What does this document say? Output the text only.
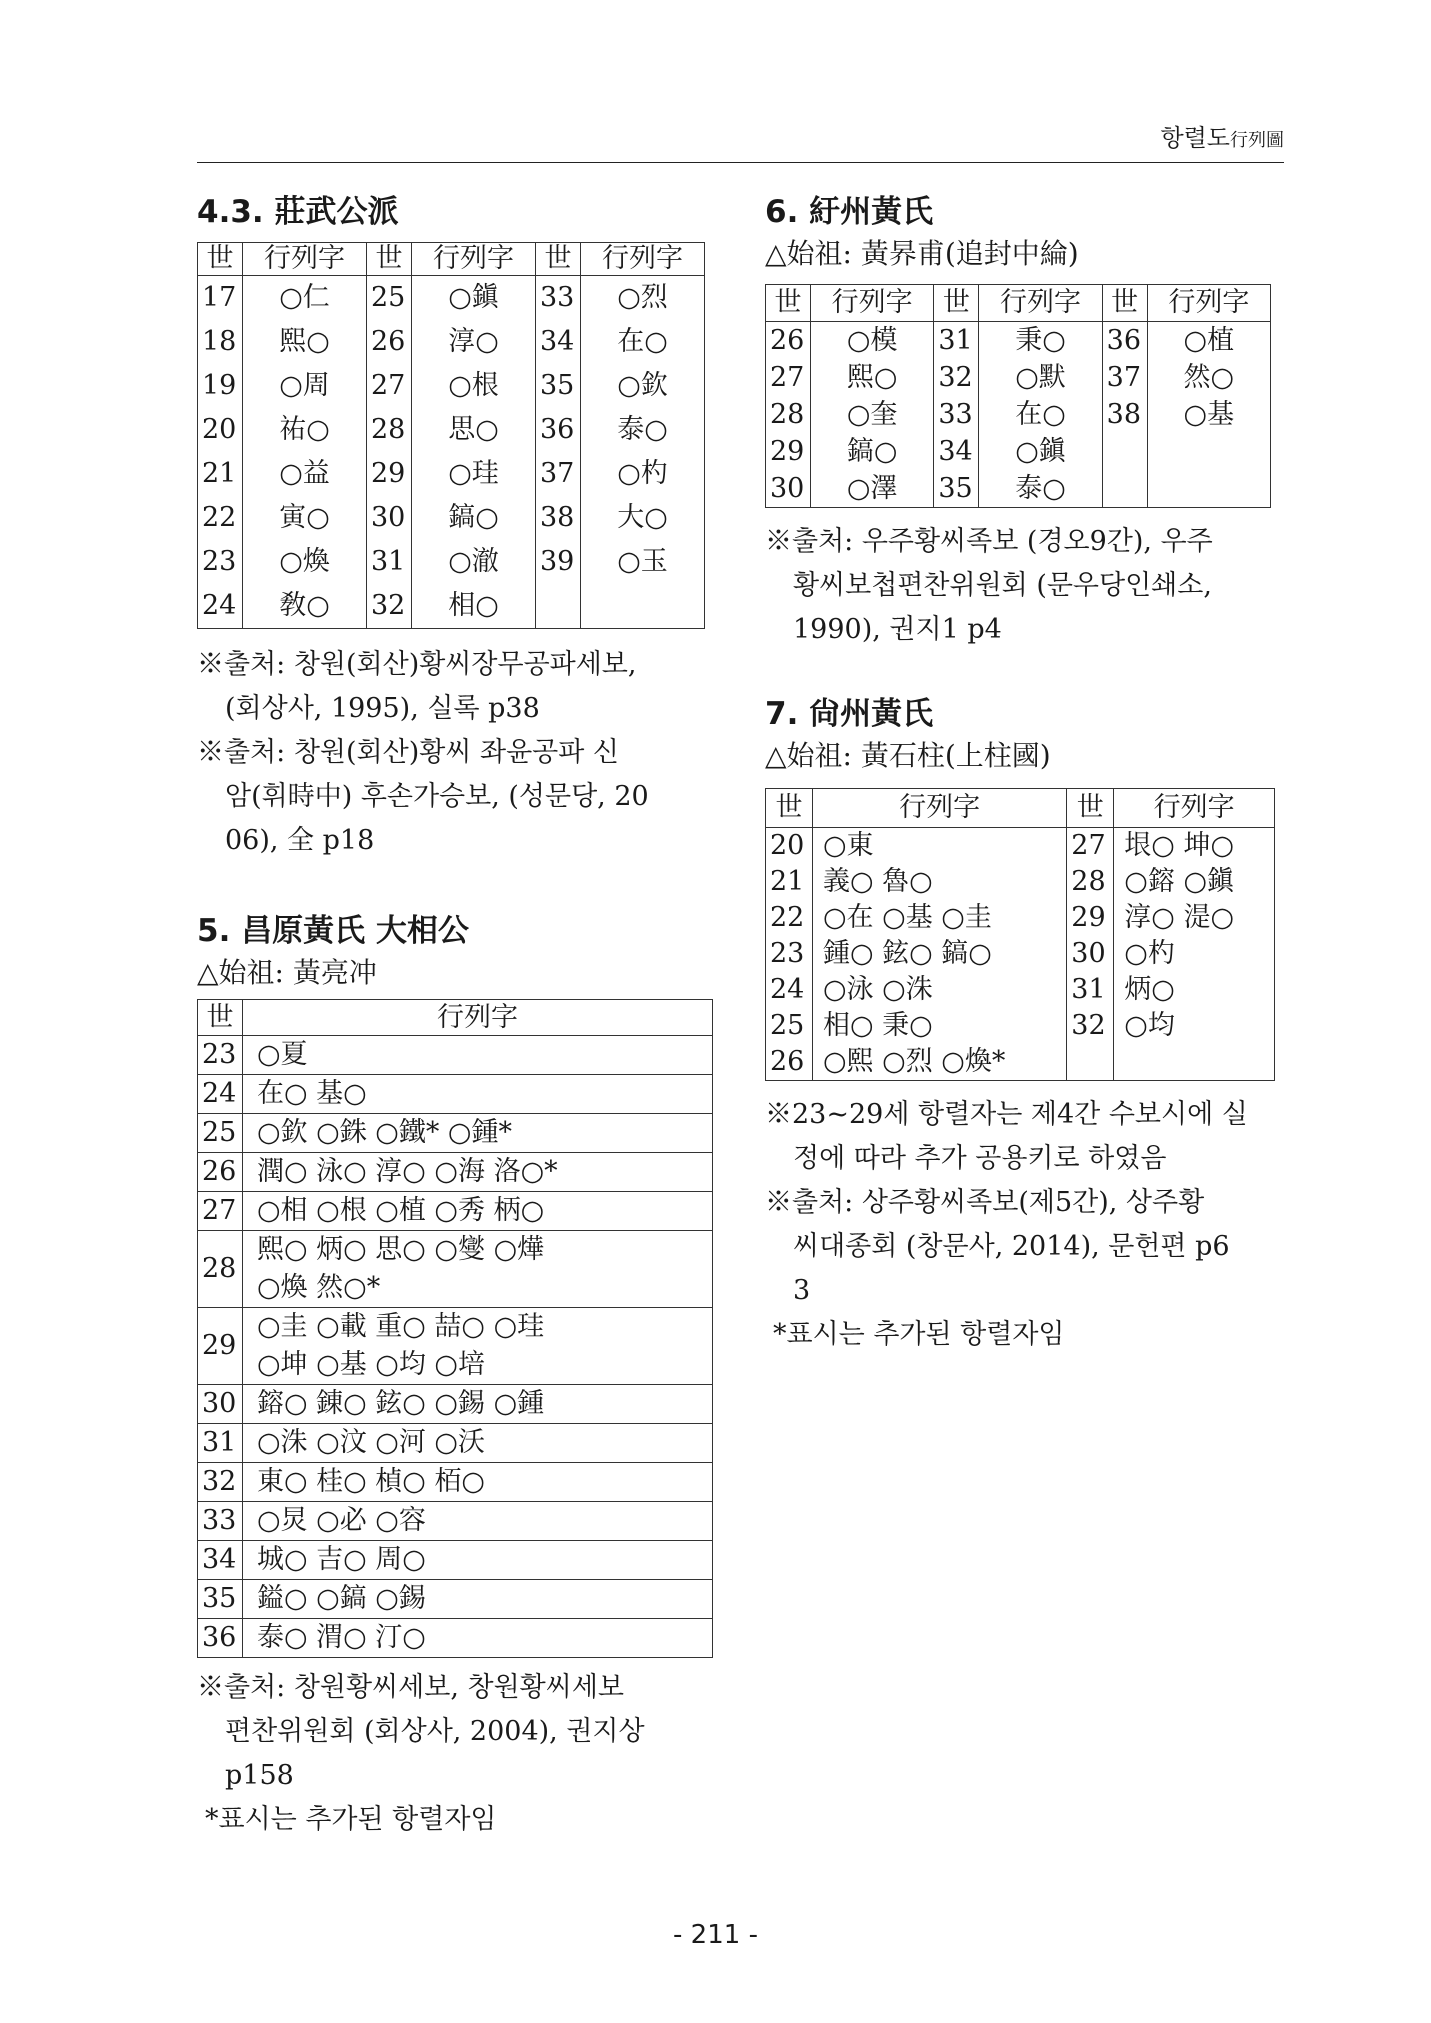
항렬도行列圖
4.3. 莊武公派
世	行列字	世	行列字	世	行列字
17	○仁	25	○鎭	33	○烈
18	熙○	26	淳○	34	在○
19	○周	27	○根	35	○欽
20	祐○	28	思○	36	泰○
21	○益	29	○珪	37	○杓
22	寅○	30	鎬○	38	大○
23	○煥	31	○澈	39	○玉
24	敎○	32	相○		

※출처: 창원(회산)황씨장무공파세보,
(회상사, 1995), 실록 p38

※출처: 창원(회산)황씨 좌윤공파 신
암(휘時中) 후손가승보, (성문당, 20
06), 全 p18

5. 昌原黃氏 大相公

△始祖: 黃亮冲

世	行列字
23	○夏
24	在○ 基○
25	○欽 ○銖 ○鐵* ○鍾*
26	潤○ 泳○ 淳○ ○海 洛○*
27	○相 ○根 ○植 ○秀 柄○
28	熙○ 炳○ 思○ ○燮 ○燁
○煥 然○*
29	○圭 ○載 重○ 喆○ ○珪
○坤 ○基 ○均 ○培
30	鎔○ 錬○ 鉉○ ○錫 ○鍾
31	○洙 ○汶 ○河 ○沃
32	東○ 桂○ 楨○ 栢○
33	○炅 ○必 ○容
34	城○ 吉○ 周○
35	鎰○ ○鎬 ○錫
36	泰○ 渭○ 汀○

※출처: 창원황씨세보, 창원황씨세보
편찬위원회 (회상사, 2004), 권지상
p158

*표시는 추가된 항렬자임

6. 紆州黃氏

△始祖: 黃昦甫(追封中綸)

世	行列字	世	行列字	世	行列字
26	○模	31	秉○	36	○植
27	熙○	32	○默	37	然○
28	○奎	33	在○	38	○基
29	鎬○	34	○鎭		
30	○澤	35	泰○		

※출처: 우주황씨족보 (경오9간), 우주
황씨보첩편찬위원회 (문우당인쇄소,
1990), 권지1 p4

7. 尙州黃氏

△始祖: 黃石柱(上柱國)

世	行列字	世	行列字
20	○東	27	垠○ 坤○
21	義○ 魯○	28	○鎔 ○鎭
22	○在 ○基 ○圭	29	淳○ 湜○
23	鍾○ 鉉○ 鎬○	30	○杓
24	○泳 ○洙	31	炳○
25	相○ 秉○	32	○均
26	○熙 ○烈 ○煥*		

※23~29세 항렬자는 제4간 수보시에 실
정에 따라 추가 공용키로 하였음

※출처: 상주황씨족보(제5간), 상주황
씨대종회 (창문사, 2014), 문헌편 p6
3

*표시는 추가된 항렬자임

- 211 -
